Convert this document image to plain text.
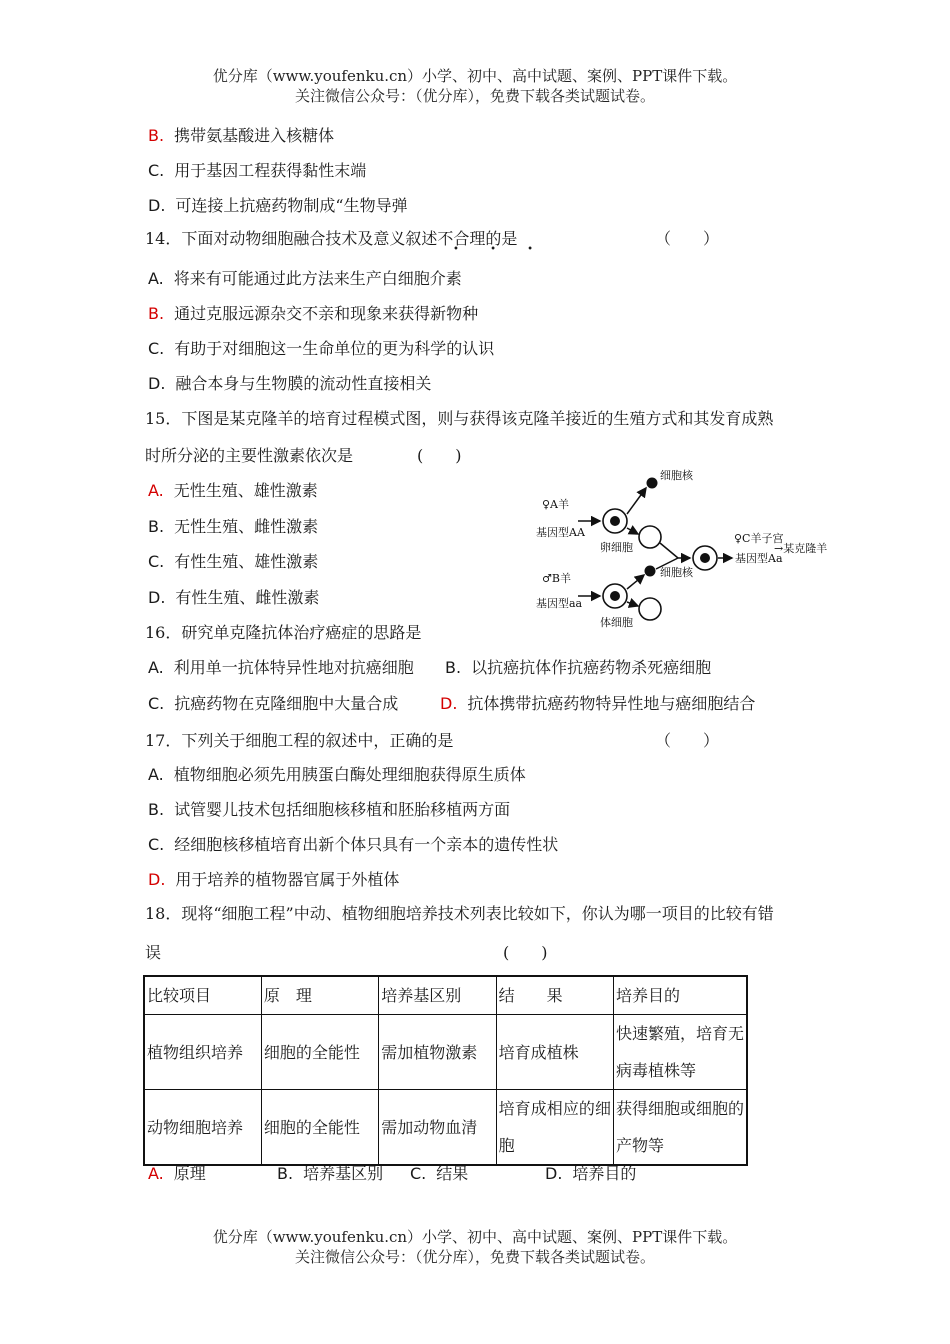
优分库（www.youfenku.cn）小学、初中、高中试题、案例、PPT课件下载。
关注微信公众号：（优分库），免费下载各类试题试卷。
B. 携带氨基酸进入核糖体
C. 用于基因工程获得黏性末端
D. 可连接上抗癌药物制成“生物导弹
14．下面对动物细胞融合技术及意义叙述不合理的是
• • •
（　　）
A. 将来有可能通过此方法来生产白细胞介素
B. 通过克服远源杂交不亲和现象来获得新物种
C. 有助于对细胞这一生命单位的更为科学的认识
D. 融合本身与生物膜的流动性直接相关
15．下图是某克隆羊的培育过程模式图，则与获得该克隆羊接近的生殖方式和其发育成熟
时所分泌的主要性激素依次是	(　　)
A. 无性生殖、雄性激素
B. 无性生殖、雌性激素
C. 有性生殖、雄性激素
D. 有性生殖、雌性激素
♀A羊
基因型AA
卵细胞
细胞核
♂B羊
基因型aa
体细胞
细胞核
♀C羊子宫
基因型Aa
→某克隆羊
16．研究单克隆抗体治疗癌症的思路是
A. 利用单一抗体特异性地对抗癌细胞 B. 以抗癌抗体作抗癌药物杀死癌细胞
C. 抗癌药物在克隆细胞中大量合成	D. 抗体携带抗癌药物特异性地与癌细胞结合
17．下列关于细胞工程的叙述中，正确的是	（　　）
A. 植物细胞必须先用胰蛋白酶处理细胞获得原生质体
B. 试管婴儿技术包括细胞核移植和胚胎移植两方面
C. 经细胞核移植培育出新个体只具有一个亲本的遗传性状
D. 用于培养的植物器官属于外植体
18．现将“细胞工程”中动、植物细胞培养技术列表比较如下，你认为哪一项目的比较有错
误	(　　)
比较项目	原　理	培养基区别	结　　果	培养目的
植物组织培养	细胞的全能性	需加植物激素	培育成植株	快速繁殖，培育无病毒植株等
动物细胞培养	细胞的全能性	需加动物血清	培育成相应的细胞	获得细胞或细胞的产物等
A. 原理	B. 培养基区别 C. 结果	D. 培养目的
优分库（www.youfenku.cn）小学、初中、高中试题、案例、PPT课件下载。
关注微信公众号：（优分库），免费下载各类试题试卷。
